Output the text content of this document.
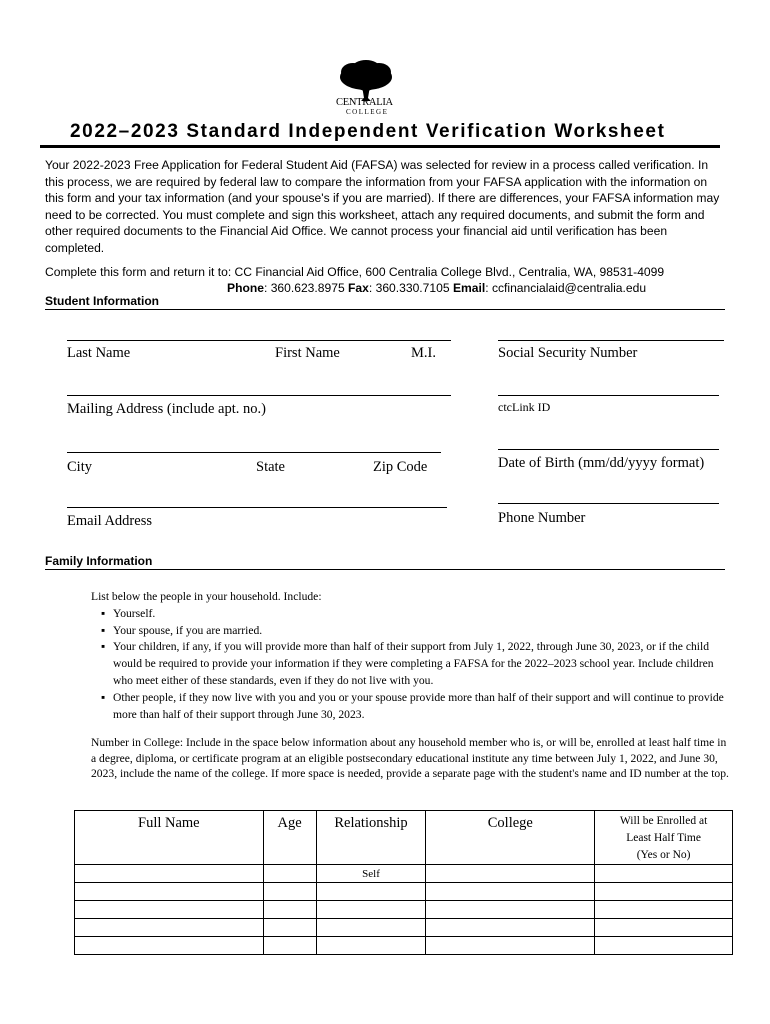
CENTRALIA
COLLEGE
2022–2023 Standard Independent Verification Worksheet

Your 2022-2023 Free Application for Federal Student Aid (FAFSA) was selected for review in a process called verification. In this process, we are required by federal law to compare the information from your FAFSA application with the information on this form and your tax information (and your spouse's if you are married). If there are differences, your FAFSA information may need to be corrected. You must complete and sign this worksheet, attach any required documents, and submit the form and other required documents to the Financial Aid Office. We cannot process your financial aid until verification has been completed.

Complete this form and return it to: CC Financial Aid Office, 600 Centralia College Blvd., Centralia, WA, 98531-4099
Phone: 360.623.8975 Fax: 360.330.7105 Email: ccfinancialaid@centralia.edu
Student Information
Last Name	First Name	M.I.	Social Security Number
Mailing Address (include apt. no.)	ctcLink ID
City	State	Zip Code	Date of Birth (mm/dd/yyyy format)
Email Address	Phone Number
Family Information

List below the people in your household. Include:

▪ Yourself.
▪ Your spouse, if you are married.
▪ Your children, if any, if you will provide more than half of their support from July 1, 2022, through June 30, 2023, or if the child would be required to provide your information if they were completing a FAFSA for the 2022–2023 school year. Include children who meet either of these standards, even if they do not live with you.
▪ Other people, if they now live with you and you or your spouse provide more than half of their support and will continue to provide more than half of their support through June 30, 2023.
Number in College: Include in the space below information about any household member who is, or will be, enrolled at least half time in a degree, diploma, or certificate program at an eligible postsecondary educational institute any time between July 1, 2022, and June 30, 2023, include the name of the college. If more space is needed, provide a separate page with the student's name and ID number at the top.
Full Name	Age	Relationship	College	Will be Enrolled at
Least Half Time
(Yes or No)

		Self		
